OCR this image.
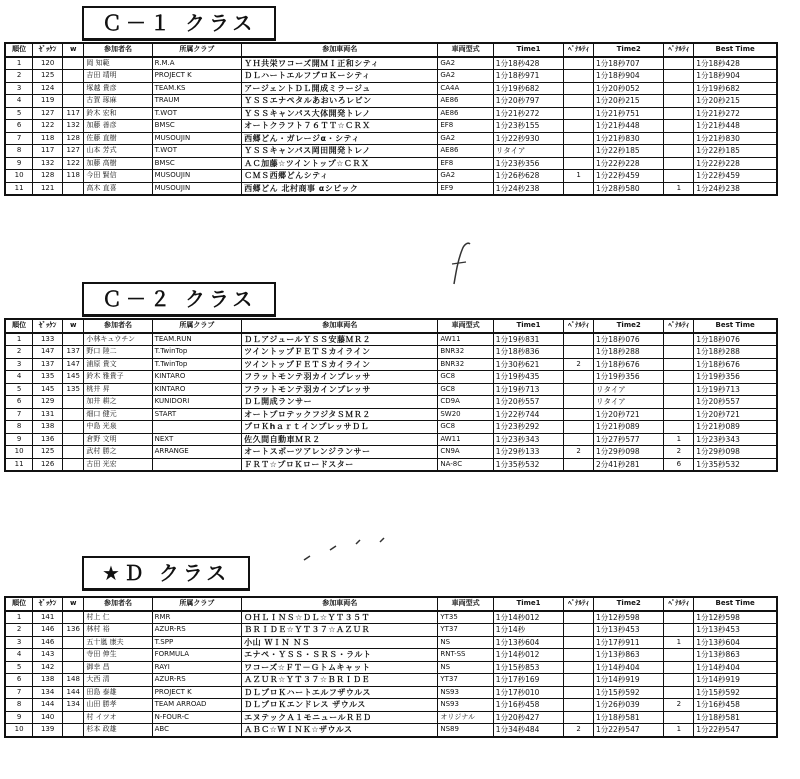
Ｃ－１ クラス
順位	ｾﾞｯｹﾝ	w	参加者名	所属クラブ	参加車両名	車両型式	Time1	ﾍﾟﾅﾙﾃｨ	Time2	ﾍﾟﾅﾙﾃｨ	Best Time
1	120		岡 知範	R.M.A	ＹＨ共栄ワコーズ開ＭＩ正和シティ	GA2	1分18秒428		1分18秒707		1分18秒428
2	125		吉田 靖明	PROJECT K	ＤＬハートエルフブロＫーシティ	GA2	1分18秒971		1分18秒904		1分18秒904
3	124		塚越 貴彦	TEAM.KS	アージェントＤＬ開成ミラージュ	CA4A	1分19秒682		1分20秒052		1分19秒682
4	119		古賀 琢麻	TRAUM	ＹＳＳエナペタルあおいろレビン	AE86	1分20秒797		1分20秒215		1分20秒215
5	127	117	鈴木 宏和	T.WOT	ＹＳＳキャンパス大体開発トレノ	AE86	1分21秒272		1分21秒751		1分21秒272
6	122	132	加藤 善彦	BMSC	オートクラフト７６ＴＴ☆ＣＲＸ	EF8	1分23秒155		1分21秒448		1分21秒448
7	118	128	佐藤 直樹	MUSOUJIN	西郷どん・ガレージα・シティ	GA2	1分22秒930		1分21秒830		1分21秒830
8	117	127	山本 芳式	T.WOT	ＹＳＳキャンパス岡田開発トレノ	AE86	リタイア		1分22秒185		1分22秒185
9	132	122	加藤 高樹	BMSC	ＡＣ加藤☆ツイントップ☆ＣＲＸ	EF8	1分23秒356		1分22秒228		1分22秒228
10	128	118	今田 賢信	MUSOUJIN	ＣＭＳ西郷どんシティ	GA2	1分26秒628	1	1分22秒459		1分22秒459
11	121		高木 直喜	MUSOUJIN	西郷どん 北村商事 αシビック	EF9	1分24秒238		1分28秒580	1	1分24秒238
Ｃ－２ クラス
順位	ｾﾞｯｹﾝ	w	参加者名	所属クラブ	参加車両名	車両型式	Time1	ﾍﾟﾅﾙﾃｨ	Time2	ﾍﾟﾅﾙﾃｨ	Best Time
1	133		小林キュウチン	TEAM.RUN	ＤＬアジュールＹＳＳ安藤ＭＲ２	AW11	1分19秒831		1分18秒076		1分18秒076
2	147	137	野口 陸二	T.TwinTop	ツイントップＦＥＴＳカイライン	BNR32	1分18秒836		1分18秒288		1分18秒288
3	137	147	浦原 貴文	T.TwinTop	ツイントップＦＥＴＳカイライン	BNR32	1分30秒621	2	1分18秒676		1分18秒676
4	135	145	鈴木 雅貴子	KINTARO	フラットモンテ羽カインプレッサ	GC8	1分19秒435		1分19秒356		1分19秒356
5	145	135	桃井 昇	KINTARO	フラットモンテ羽カインプレッサ	GC8	1分19秒713		リタイア		1分19秒713
6	129		加井 耕之	KUNIDORI	ＤＬ開成ランサー	CD9A	1分20秒557		リタイア		1分20秒557
7	131		畑口 健元	START	オートプロテックフジタＳＭＲ２	SW20	1分22秒744		1分20秒721		1分20秒721
8	138		中島 光泉		プロＫhａｒｔインプレッサＤＬ	GC8	1分23秒292		1分21秒089		1分21秒089
9	136		倉野 文明	NEXT	佐久間自動車ＭＲ２	AW11	1分23秒343		1分27秒577	1	1分23秒343
10	125		武村 勝之	ARRANGE	オートスポーツアレンジランサー	CN9A	1分29秒133	2	1分29秒098	2	1分29秒098
11	126		古田 光宏		ＦＲＴ☆プロＫロードスター	NA-8C	1分35秒532		2分41秒281	6	1分35秒532
★Ｄ クラス
順位	ｾﾞｯｹﾝ	w	参加者名	所属クラブ	参加車両名	車両型式	Time1	ﾍﾟﾅﾙﾃｨ	Time2	ﾍﾟﾅﾙﾃｨ	Best Time
1	141		村上 仁	RMR	ＯＨＬＩＮＳ☆ＤＬ☆ＹＴ３５Ｔ	YT35	1分14秒012		1分12秒598		1分12秒598
2	146	136	林村 裕	AZUR-RS	ＢＲＩＤＥ☆ＹＴ３７☆ＡＺＵＲ	YT37	1分14秒		1分13秒453		1分13秒453
3	146		五十嵐 康夫	T.SPP	小山 ＷＩＮ ＮＳ	NS	1分13秒604		1分17秒911	1	1分13秒604
4	143		寺田 伸生	FORMULA	エナペ・ＹＳＳ・ＳＲＳ・ラルト	RNT-SS	1分14秒012		1分13秒863		1分13秒863
5	142		御幸 昌	RAYI	ワコーズ☆ＦＴ－Ｇトムキャット	NS	1分15秒853		1分14秒404		1分14秒404
6	138	148	大西 清	AZUR-RS	ＡＺＵＲ☆ＹＴ３７☆ＢＲＩＤＥ	YT37	1分17秒169		1分14秒919		1分14秒919
7	134	144	田島 泰雄	PROJECT K	ＤＬプロＫハートエルフザウルス	NS93	1分17秒010		1分15秒592		1分15秒592
8	144	134	山田 勝孝	TEAM ARROAD	ＤＬプロＫエンドレス ザウルス	NS93	1分16秒458		1分26秒039	2	1分16秒458
9	140		村 イツオ	N-FOUR-C	エヌテックＡ１モニュールＲＥＤ	オリジナル	1分20秒427		1分18秒581		1分18秒581
10	139		杉本 政雄	ABC	ＡＢＣ☆ＷＩＮＫ☆ザウルス	NS89	1分34秒484	2	1分22秒547	1	1分22秒547
